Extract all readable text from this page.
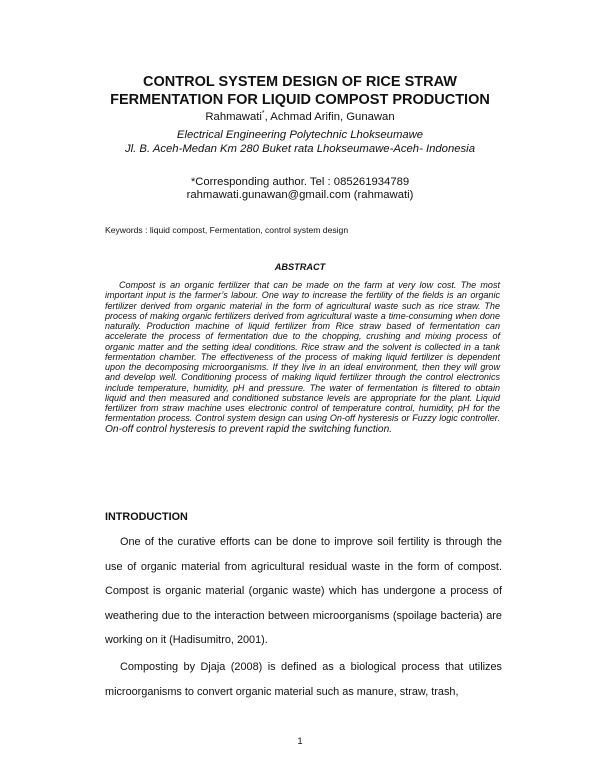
CONTROL SYSTEM DESIGN OF RICE STRAW
FERMENTATION FOR LIQUID COMPOST PRODUCTION
Rahmawati*, Achmad Arifin, Gunawan
Electrical Engineering Polytechnic Lhokseumawe
Jl. B. Aceh-Medan Km 280 Buket rata Lhokseumawe-Aceh- Indonesia
*Corresponding author. Tel : 085261934789
rahmawati.gunawan@gmail.com (rahmawati)
Keywords : liquid compost, Fermentation, control system design
ABSTRACT

Compost is an organic fertilizer that can be made on the farm at very low cost. The most important input is the farmer’s labour. One way to increase the fertility of the fields is an organic fertilizer derived from organic material in the form of agricultural waste such as rice straw. The process of making organic fertilizers derived from agricultural waste a time-consuming when done naturally. Production machine of liquid fertilizer from Rice straw based of fermentation can accelerate the process of fermentation due to the chopping, crushing and mixing process of organic matter and the setting ideal conditions. Rice straw and the solvent is collected in a tank fermentation chamber. The effectiveness of the process of making liquid fertilizer is dependent upon the decomposing microorganisms. If they live in an ideal environment, then they will grow and develop well. Conditioning process of making liquid fertilizer through the control electronics include temperature, humidity, pH and pressure. The water of fermentation is filtered to obtain liquid and then measured and conditioned substance levels are appropriate for the plant. Liquid fertilizer from straw machine uses electronic control of temperature control, humidity, pH for the fermentation process. Control system design can using On-off hysteresis or Fuzzy logic controller. On-off control hysteresis to prevent rapid the switching function.

INTRODUCTION

One of the curative efforts can be done to improve soil fertility is through the use of organic material from agricultural residual waste in the form of compost. Compost is organic material (organic waste) which has undergone a process of weathering due to the interaction between microorganisms (spoilage bacteria) are working on it (Hadisumitro, 2001).

Composting by Djaja (2008) is defined as a biological process that utilizes microorganisms to convert organic material such as manure, straw, trash,

1
